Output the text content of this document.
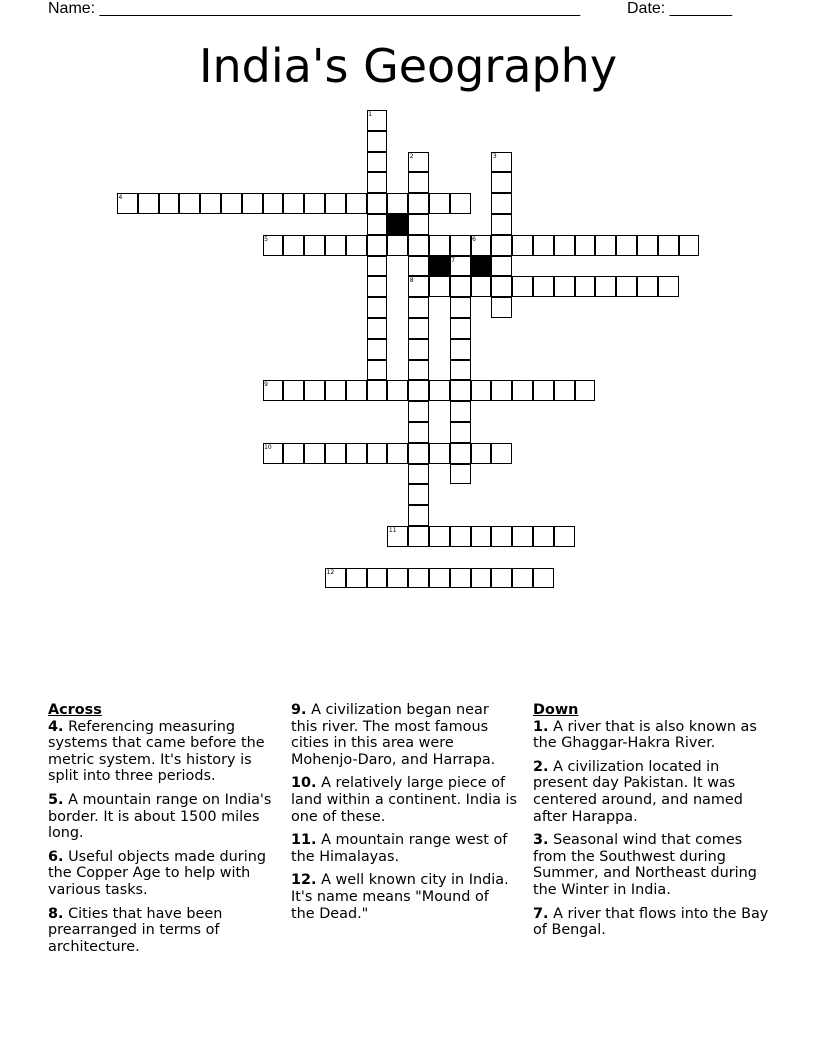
Name: ______________________________________________________	Date: _______
India's Geography
1
2	3
4
5	6
7
8
9
10
11
12
Across
4. Referencing measuring systems that came before the metric system. It's history is split into three periods.
5. A mountain range on India's border. It is about 1500 miles long.
6. Useful objects made during the Copper Age to help with various tasks.
8. Cities that have been prearranged in terms of architecture.
9. A civilization began near this river. The most famous cities in this area were Mohenjo-Daro, and Harrapa.
10. A relatively large piece of land within a continent. India is one of these.
11. A mountain range west of the Himalayas.
12. A well known city in India. It's name means "Mound of the Dead."
Down
1. A river that is also known as the Ghaggar-Hakra River.
2. A civilization located in present day Pakistan. It was centered around, and named after Harappa.
3. Seasonal wind that comes from the Southwest during Summer, and Northeast during the Winter in India.
7. A river that flows into the Bay of Bengal.
